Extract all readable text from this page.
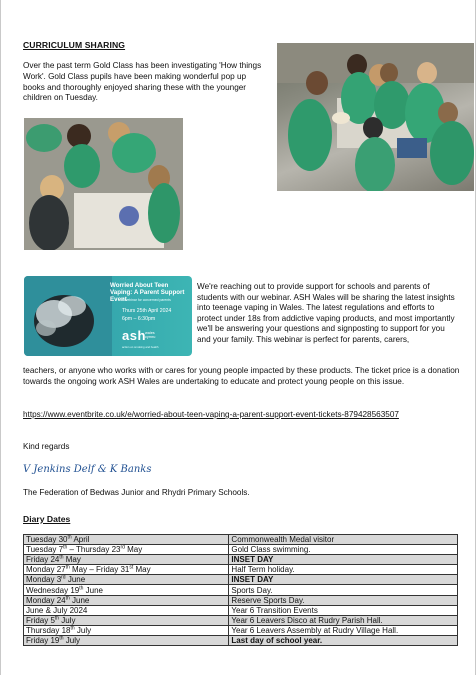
CURRICULUM SHARING
Over the past term Gold Class has been investigating 'How things Work'. Gold Class pupils have been making wonderful pop up books and thoroughly enjoyed sharing these with the younger children on Tuesday.
Worried About Teen Vaping: A Parent Support Event
A webinar for concerned parents
Thurs 25th April 2024
6pm – 6:30pm
ash wales
cymru
action on smoking and health
We're reaching out to provide support for schools and parents of students with our webinar. ASH Wales will be sharing the latest insights into teenage vaping in Wales. The latest regulations and efforts to protect under 18s from addictive vaping products, and most importantly we'll be answering your questions and signposting to support for you and your family. This webinar is perfect for parents, carers,
teachers, or anyone who works with or cares for young people impacted by these products. The ticket price is a donation towards the ongoing work ASH Wales are undertaking to educate and protect young people on this issue.
https://www.eventbrite.co.uk/e/worried-about-teen-vaping-a-parent-support-event-tickets-879428563507
Kind regards
V Jenkins Delf & K Banks
The Federation of Bedwas Junior and Rhydri Primary Schools.
Diary Dates
Tuesday 30th April	Commonwealth Medal visitor
Tuesday 7th – Thursday 23rd May	Gold Class swimming.
Friday 24th May	INSET DAY
Monday 27th May – Friday 31st May	Half Term holiday.
Monday 3rd June	INSET DAY
Wednesday 19th June	Sports Day.
Monday 24th June	Reserve Sports Day.
June & July 2024	Year 6 Transition Events
Friday 5th July	Year 6 Leavers Disco at Rudry Parish Hall.
Thursday 18th July	Year 6 Leavers Assembly at Rudry Village Hall.
Friday 19th July	Last day of school year.
